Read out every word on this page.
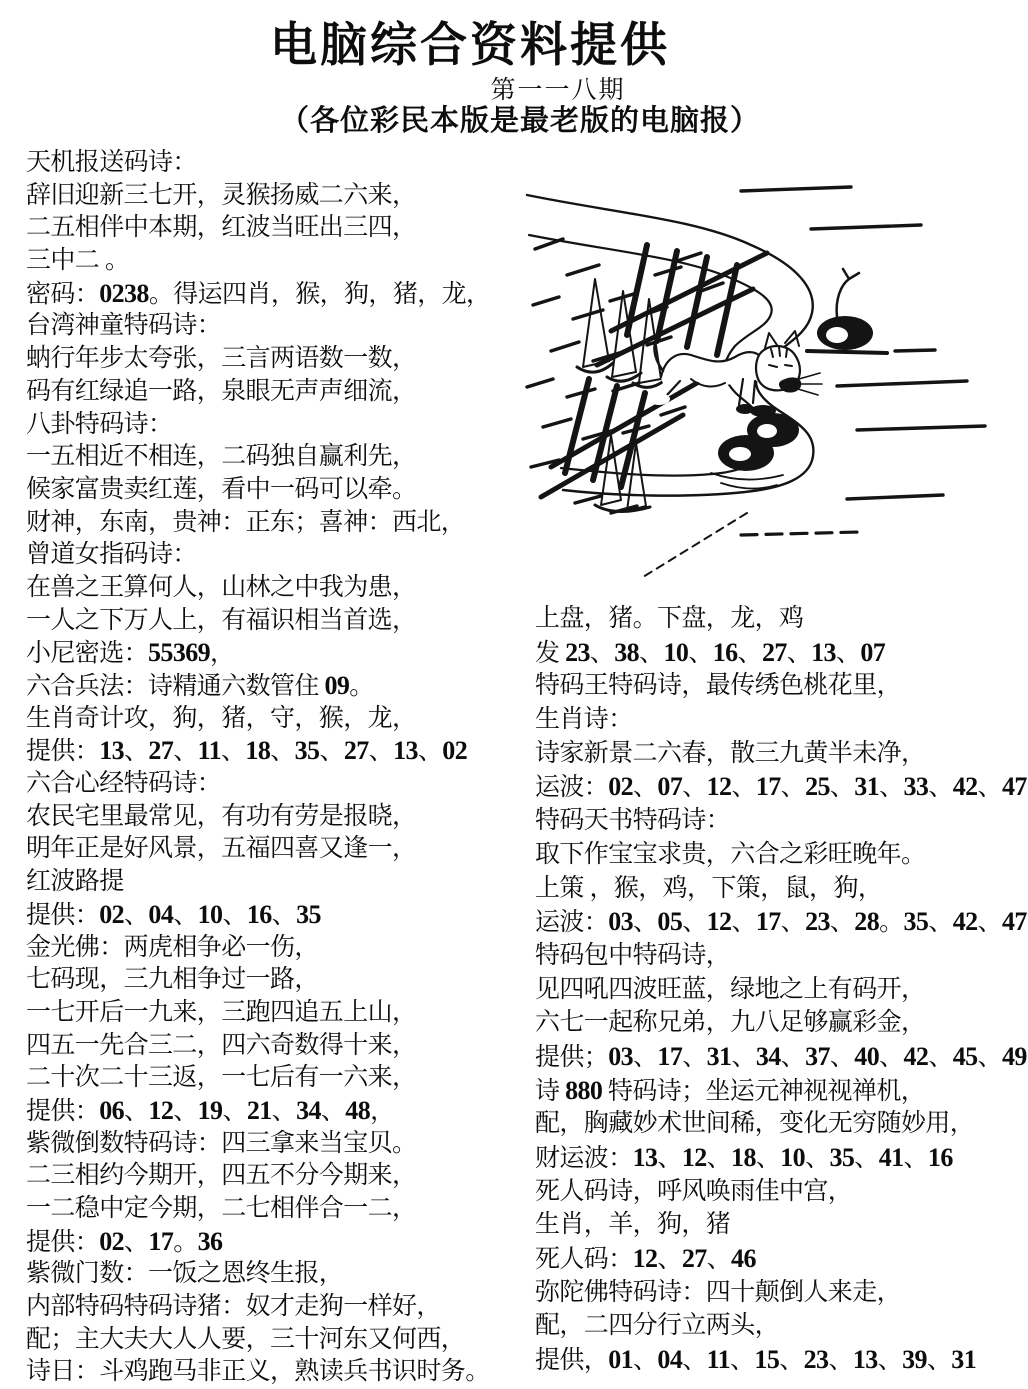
电脑综合资料提供
第一一八期
（各位彩民本版是最老版的电脑报）
天机报送码诗：
辞旧迎新三七开，灵猴扬威二六来，
二五相伴中本期，红波当旺出三四，
三中二 。
密码：0238。得运四肖，猴，狗，猪，龙，
台湾神童特码诗：
蚋行年步太夸张，三言两语数一数，
码有红绿追一路，泉眼无声声细流，
八卦特码诗：
一五相近不相连，二码独自赢利先，
候家富贵卖红莲，看中一码可以牵。
财神，东南，贵神：正东；喜神：西北，
曾道女指码诗：
在兽之王算何人，山林之中我为患，
一人之下万人上，有福识相当首选，
小尼密选：55369，
六合兵法：诗精通六数管住 09。
生肖奇计攻，狗，猪，守，猴，龙，
提供：13、27、11、18、35、27、13、02
六合心经特码诗：
农民宅里最常见，有功有劳是报晓，
明年正是好风景，五福四喜又逢一，
红波路提
提供：02、04、10、16、35
金光佛：两虎相争必一伤，
七码现，三九相争过一路，
一七开后一九来，三跑四追五上山，
四五一先合三二，四六奇数得十来，
二十次二十三返，一七后有一六来，
提供：06、12、19、21、34、48，
紫微倒数特码诗：四三拿来当宝贝。
二三相约今期开，四五不分今期来，
一二稳中定今期，二七相伴合一二，
提供：02、17。36
紫微门数：一饭之恩终生报，
内部特码特码诗猪：奴才走狗一样好，
配；主大夫大人人要，三十河东又何西，
诗日：斗鸡跑马非正义，熟读兵书识时务。
上盘，猪。下盘，龙，鸡
发 23、38、10、16、27、13、07
特码王特码诗，最传绣色桃花里，
生肖诗：
诗家新景二六春，散三九黄半未净，
运波：02、07、12、17、25、31、33、42、47
特码天书特码诗：
取下作宝宝求贵，六合之彩旺晚年。
上策 ，猴，鸡，下策，鼠，狗，
运波：03、05、12、17、23、28。35、42、47
特码包中特码诗，
见四吼四波旺蓝，绿地之上有码开，
六七一起称兄弟，九八足够赢彩金，
提供；03、17、31、34、37、40、42、45、49
诗 880 特码诗；坐运元神视视禅机，
配，胸藏妙术世间稀，变化无穷随妙用，
财运波：13、12、18、10、35、41、16
死人码诗，呼风唤雨佳中宫，
生肖，羊，狗，猪
死人码：12、27、46
弥陀佛特码诗：四十颠倒人来走，
配，二四分行立两头，
提供，01、04、11、15、23、13、39、31
